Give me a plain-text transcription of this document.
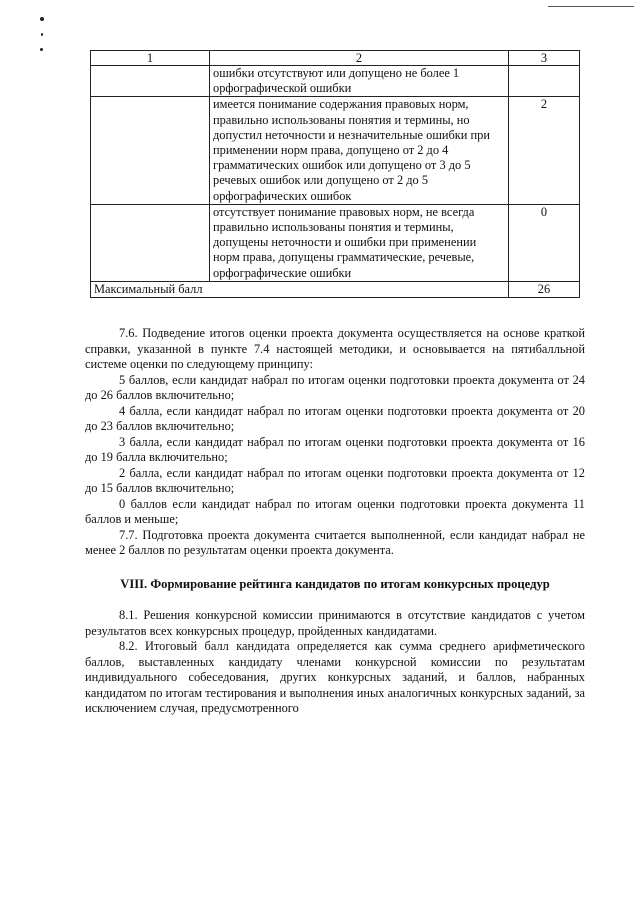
1	2	3
	ошибки отсутствуют или допущено не более 1 орфографической ошибки	
	имеется понимание содержания правовых норм, правильно использованы понятия и термины, но допустил неточности и незначительные ошибки при применении норм права, допущено от 2 до 4 грамматических ошибок или допущено от 3 до 5 речевых ошибок или допущено от 2 до 5 орфографических ошибок	2
	отсутствует понимание правовых норм, не всегда правильно использованы понятия и термины, допущены неточности и ошибки при применении норм права, допущены грамматические, речевые, орфографические ошибки	0
Максимальный балл		26

7.6. Подведение итогов оценки проекта документа осуществляется на основе краткой справки, указанной в пункте 7.4 настоящей методики, и основывается на пятибалльной системе оценки по следующему принципу:

5 баллов, если кандидат набрал по итогам оценки подготовки проекта документа от 24 до 26 баллов включительно;

4 балла, если кандидат набрал по итогам оценки подготовки проекта документа от 20 до 23 баллов включительно;

3 балла, если кандидат набрал по итогам оценки подготовки проекта документа от 16 до 19 балла включительно;

2 балла, если кандидат набрал по итогам оценки подготовки проекта документа от 12 до 15 баллов включительно;

0 баллов если кандидат набрал по итогам оценки подготовки проекта документа 11 баллов и меньше;

7.7. Подготовка проекта документа считается выполненной, если кандидат набрал не менее 2 баллов по результатам оценки проекта документа.

VIII. Формирование рейтинга кандидатов по итогам конкурсных процедур

8.1. Решения конкурсной комиссии принимаются в отсутствие кандидатов с учетом результатов всех конкурсных процедур, пройденных кандидатами.

8.2. Итоговый балл кандидата определяется как сумма среднего арифметического баллов, выставленных кандидату членами конкурсной комиссии по результатам индивидуального собеседования, других конкурсных заданий, и баллов, набранных кандидатом по итогам тестирования и выполнения иных аналогичных конкурсных заданий, за исключением случая, предусмотренного
